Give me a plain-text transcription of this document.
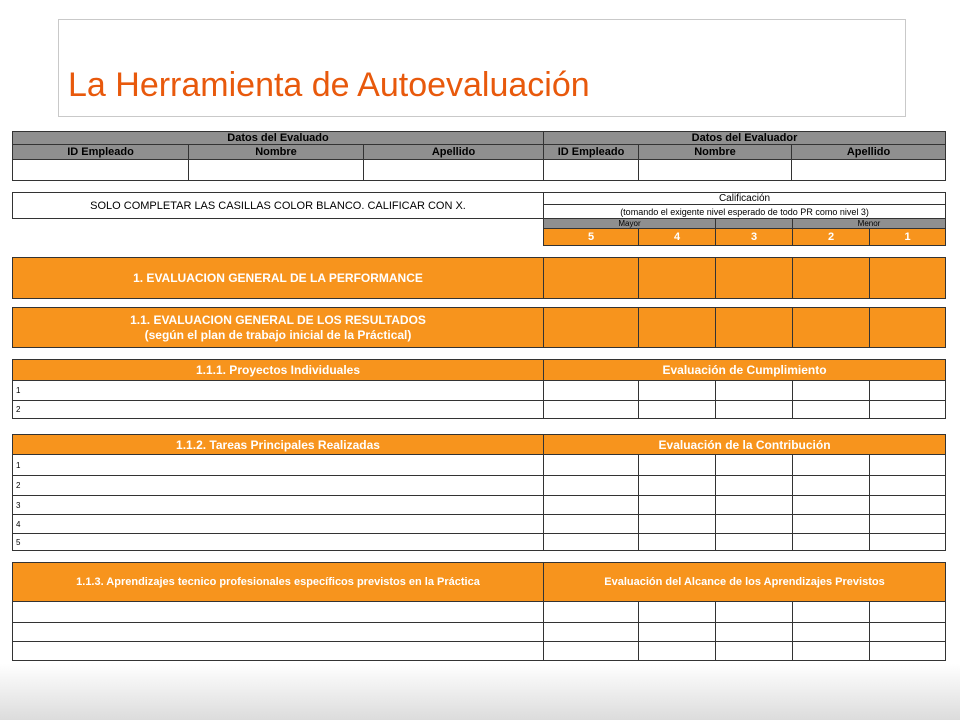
La Herramienta de Autoevaluación
Datos del Evaluado			Datos del Evaluador		
ID Empleado	Nombre	Apellido	ID Empleado	Nombre	Apellido

SOLO COMPLETAR LAS CASILLAS COLOR BLANCO. CALIFICAR CON X.	Calificación				
	(tomando el exigente nivel esperado de todo PR como nivel 3)				
	Mayor			Menor	
	5	4	3	2	1
1. EVALUACION GENERAL DE LA PERFORMANCE					
1.1. EVALUACION GENERAL DE LOS RESULTADOS
(según el plan de trabajo inicial de la Práctical)

1.1.1. Proyectos Individuales	Evaluación de Cumplimiento				
1					
2					
1.1.2. Tareas Principales Realizadas	Evaluación de la Contribución				
1					
2					
3					
4					
5					
1.1.3. Aprendizajes tecnico profesionales específicos previstos en la Práctica	Evaluación del Alcance de los Aprendizajes Previstos				
